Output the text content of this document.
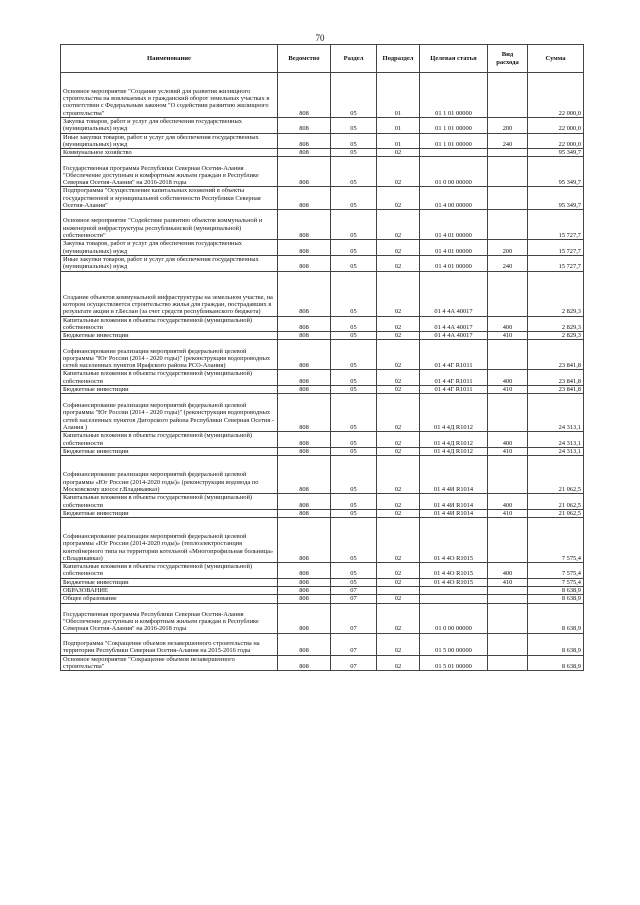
70
Наименование	Ведомство	Раздел	Подраздел	Целевая статья	Вид расхода	Сумма
Основное мероприятие "Создание условий для развития жилищного строительства на вовлекаемых в гражданский оборот земельных участках в соответствии с Федеральным законом "О содействии развитию жилищного строительства"	808	05	01	01 1 01 00000		22 000,0
Закупка товаров, работ и услуг для обеспечения государственных (муниципальных) нужд	808	05	01	01 1 01 00000	200	22 000,0
Иные закупки товаров, работ и услуг для обеспечения государственных (муниципальных) нужд	808	05	01	01 1 01 00000	240	22 000,0
Коммунальное хозяйство	808	05	02			95 349,7
Государственная программа Республики Северная Осетия-Алания "Обеспечение доступным и комфортным жильем граждан в Республике Северная Осетия-Алания" на 2016-2018 годы	808	05	02	01 0 00 00000		95 349,7
Подпрограмма "Осуществление капитальных вложений в объекты государственной и муниципальной собственности Республики Северная Осетия-Алания"	808	05	02	01 4 00 00000		95 349,7
Основное мероприятие "Содействие развитию объектов коммунальной и инженерной инфраструктуры республиканской (муниципальной) собственности"	808	05	02	01 4 01 00000		15 727,7
Закупка товаров, работ и услуг для обеспечения государственных (муниципальных) нужд	808	05	02	01 4 01 00000	200	15 727,7
Иные закупки товаров, работ и услуг для обеспечения государственных (муниципальных) нужд	808	05	02	01 4 01 00000	240	15 727,7
Создание объектов коммунальной инфраструктуры на земельном участке, на котором осуществляется строительство жилья для граждан, пострадавших в результате акции в г.Беслан (за счет средств республиканского бюджета)	808	05	02	01 4 4А 40017		2 829,3
Капитальные вложения в объекты государственной (муниципальной) собственности	808	05	02	01 4 4А 40017	400	2 829,3
Бюджетные инвестиции	808	05	02	01 4 4А 40017	410	2 829,3
Софинансирование реализации мероприятий федеральной целевой программы "Юг России (2014 - 2020 годы)" (реконструкция водопроводных сетей населенных пунктов Ирафского района РСО-Алания)	808	05	02	01 4 4Г R1011		23 841,8
Капитальные вложения в объекты государственной (муниципальной) собственности	808	05	02	01 4 4Г R1011	400	23 841,8
Бюджетные инвестиции	808	05	02	01 4 4Г R1011	410	23 841,8
Софинансирование реализации мероприятий федеральной целевой программы "Юг России (2014 - 2020 годы)" (реконструкция водопроводных сетей населенных пунктов Дигорского района Республики Северная Осетия - Алания )	808	05	02	01 4 4Д R1012		24 313,1
Капитальные вложения в объекты государственной (муниципальной) собственности	808	05	02	01 4 4Д R1012	400	24 313,1
Бюджетные инвестиции	808	05	02	01 4 4Д R1012	410	24 313,1
Софинансирование реализации мероприятий федеральной целевой программы «Юг России (2014-2020 годы)» (реконструкция водовода по Московскому шоссе г.Владикавказ)	808	05	02	01 4 4И R1014		21 062,5
Капитальные вложения в объекты государственной (муниципальной) собственности	808	05	02	01 4 4И R1014	400	21 062,5
Бюджетные инвестиции	808	05	02	01 4 4И R1014	410	21 062,5
Софинансирование реализации мероприятий федеральной целевой программы «Юг России (2014-2020 годы)» (теплоэлектростанция контейнерного типа на территории котельной «Многопрофильная больница» г.Владикавказ)	808	05	02	01 4 4О R1015		7 575,4
Капитальные вложения в объекты государственной (муниципальной) собственности	808	05	02	01 4 4О R1015	400	7 575,4
Бюджетные инвестиции	808	05	02	01 4 4О R1015	410	7 575,4
ОБРАЗОВАНИЕ	808	07				8 638,9
Общее образование	808	07	02			8 638,9
Государственная программа Республики Северная Осетия-Алания "Обеспечение доступным и комфортным жильем граждан в Республике Северная Осетия-Алания" на 2016-2018 годы	808	07	02	01 0 00 00000		8 638,9
Подпрограмма "Сокращение объемов незавершенного строительства на территории Республики Северная Осетия-Алания на 2015-2016 годы	808	07	02	01 5 00 00000		8 638,9
Основное мероприятие "Сокращение объемов незавершенного строительства"	808	07	02	01 5 01 00000		8 638,9
